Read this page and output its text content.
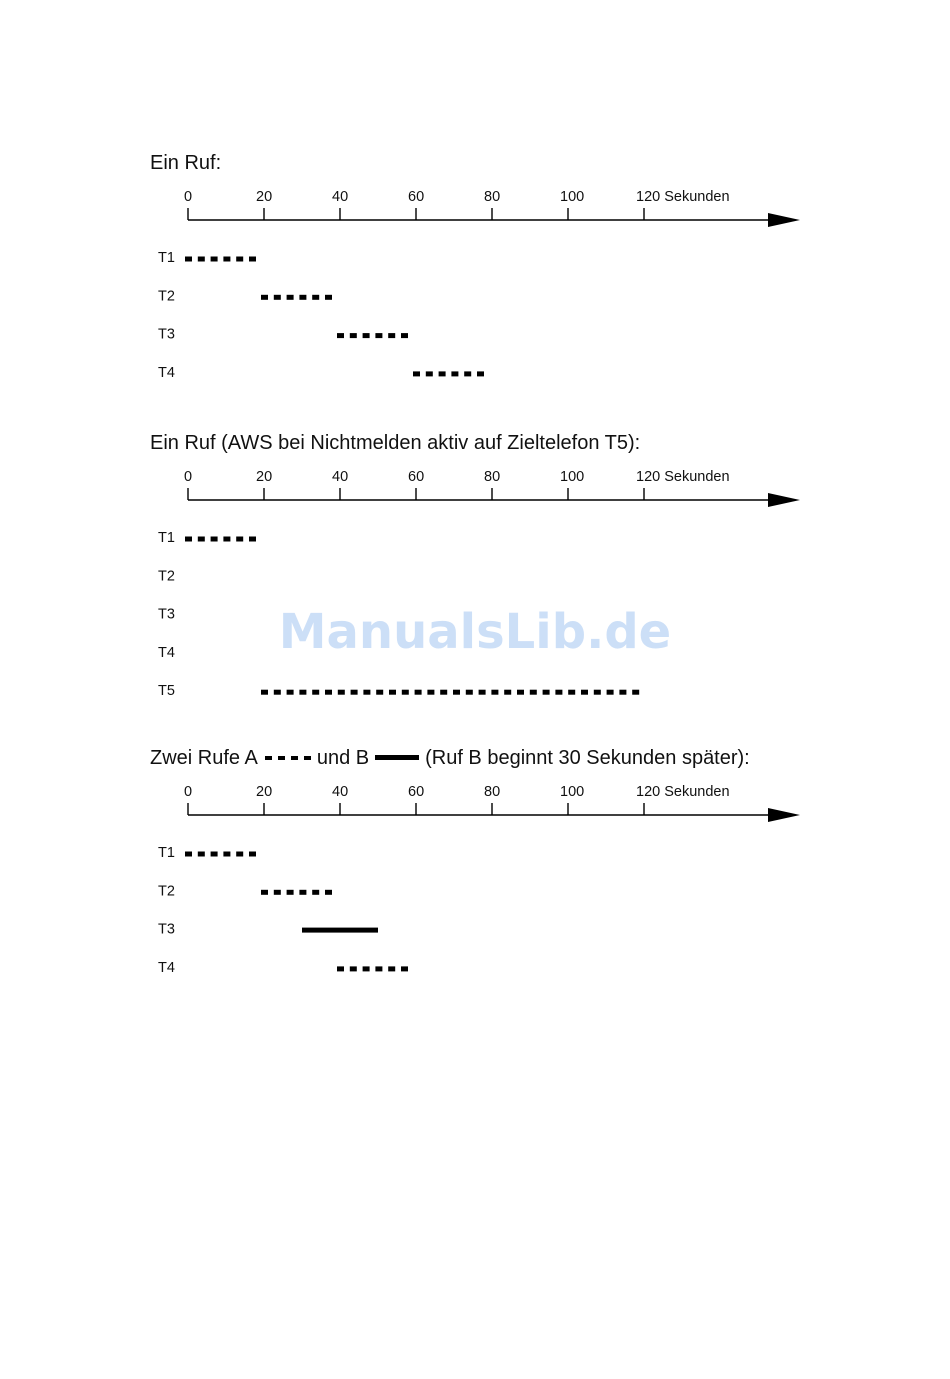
Ein Ruf:
0	20	40	60	80	100	120 Sekunden
T1
T2
T3
T4
Ein Ruf (AWS bei Nichtmelden aktiv auf Zieltelefon T5):
0	20	40	60	80	100	120 Sekunden
T1
T2
T3
T4
T5
Zwei Rufe A	und B	(Ruf B beginnt 30 Sekunden später):
0	20	40	60	80	100	120 Sekunden
T1
T2
T3
T4
ManualsLib.de
